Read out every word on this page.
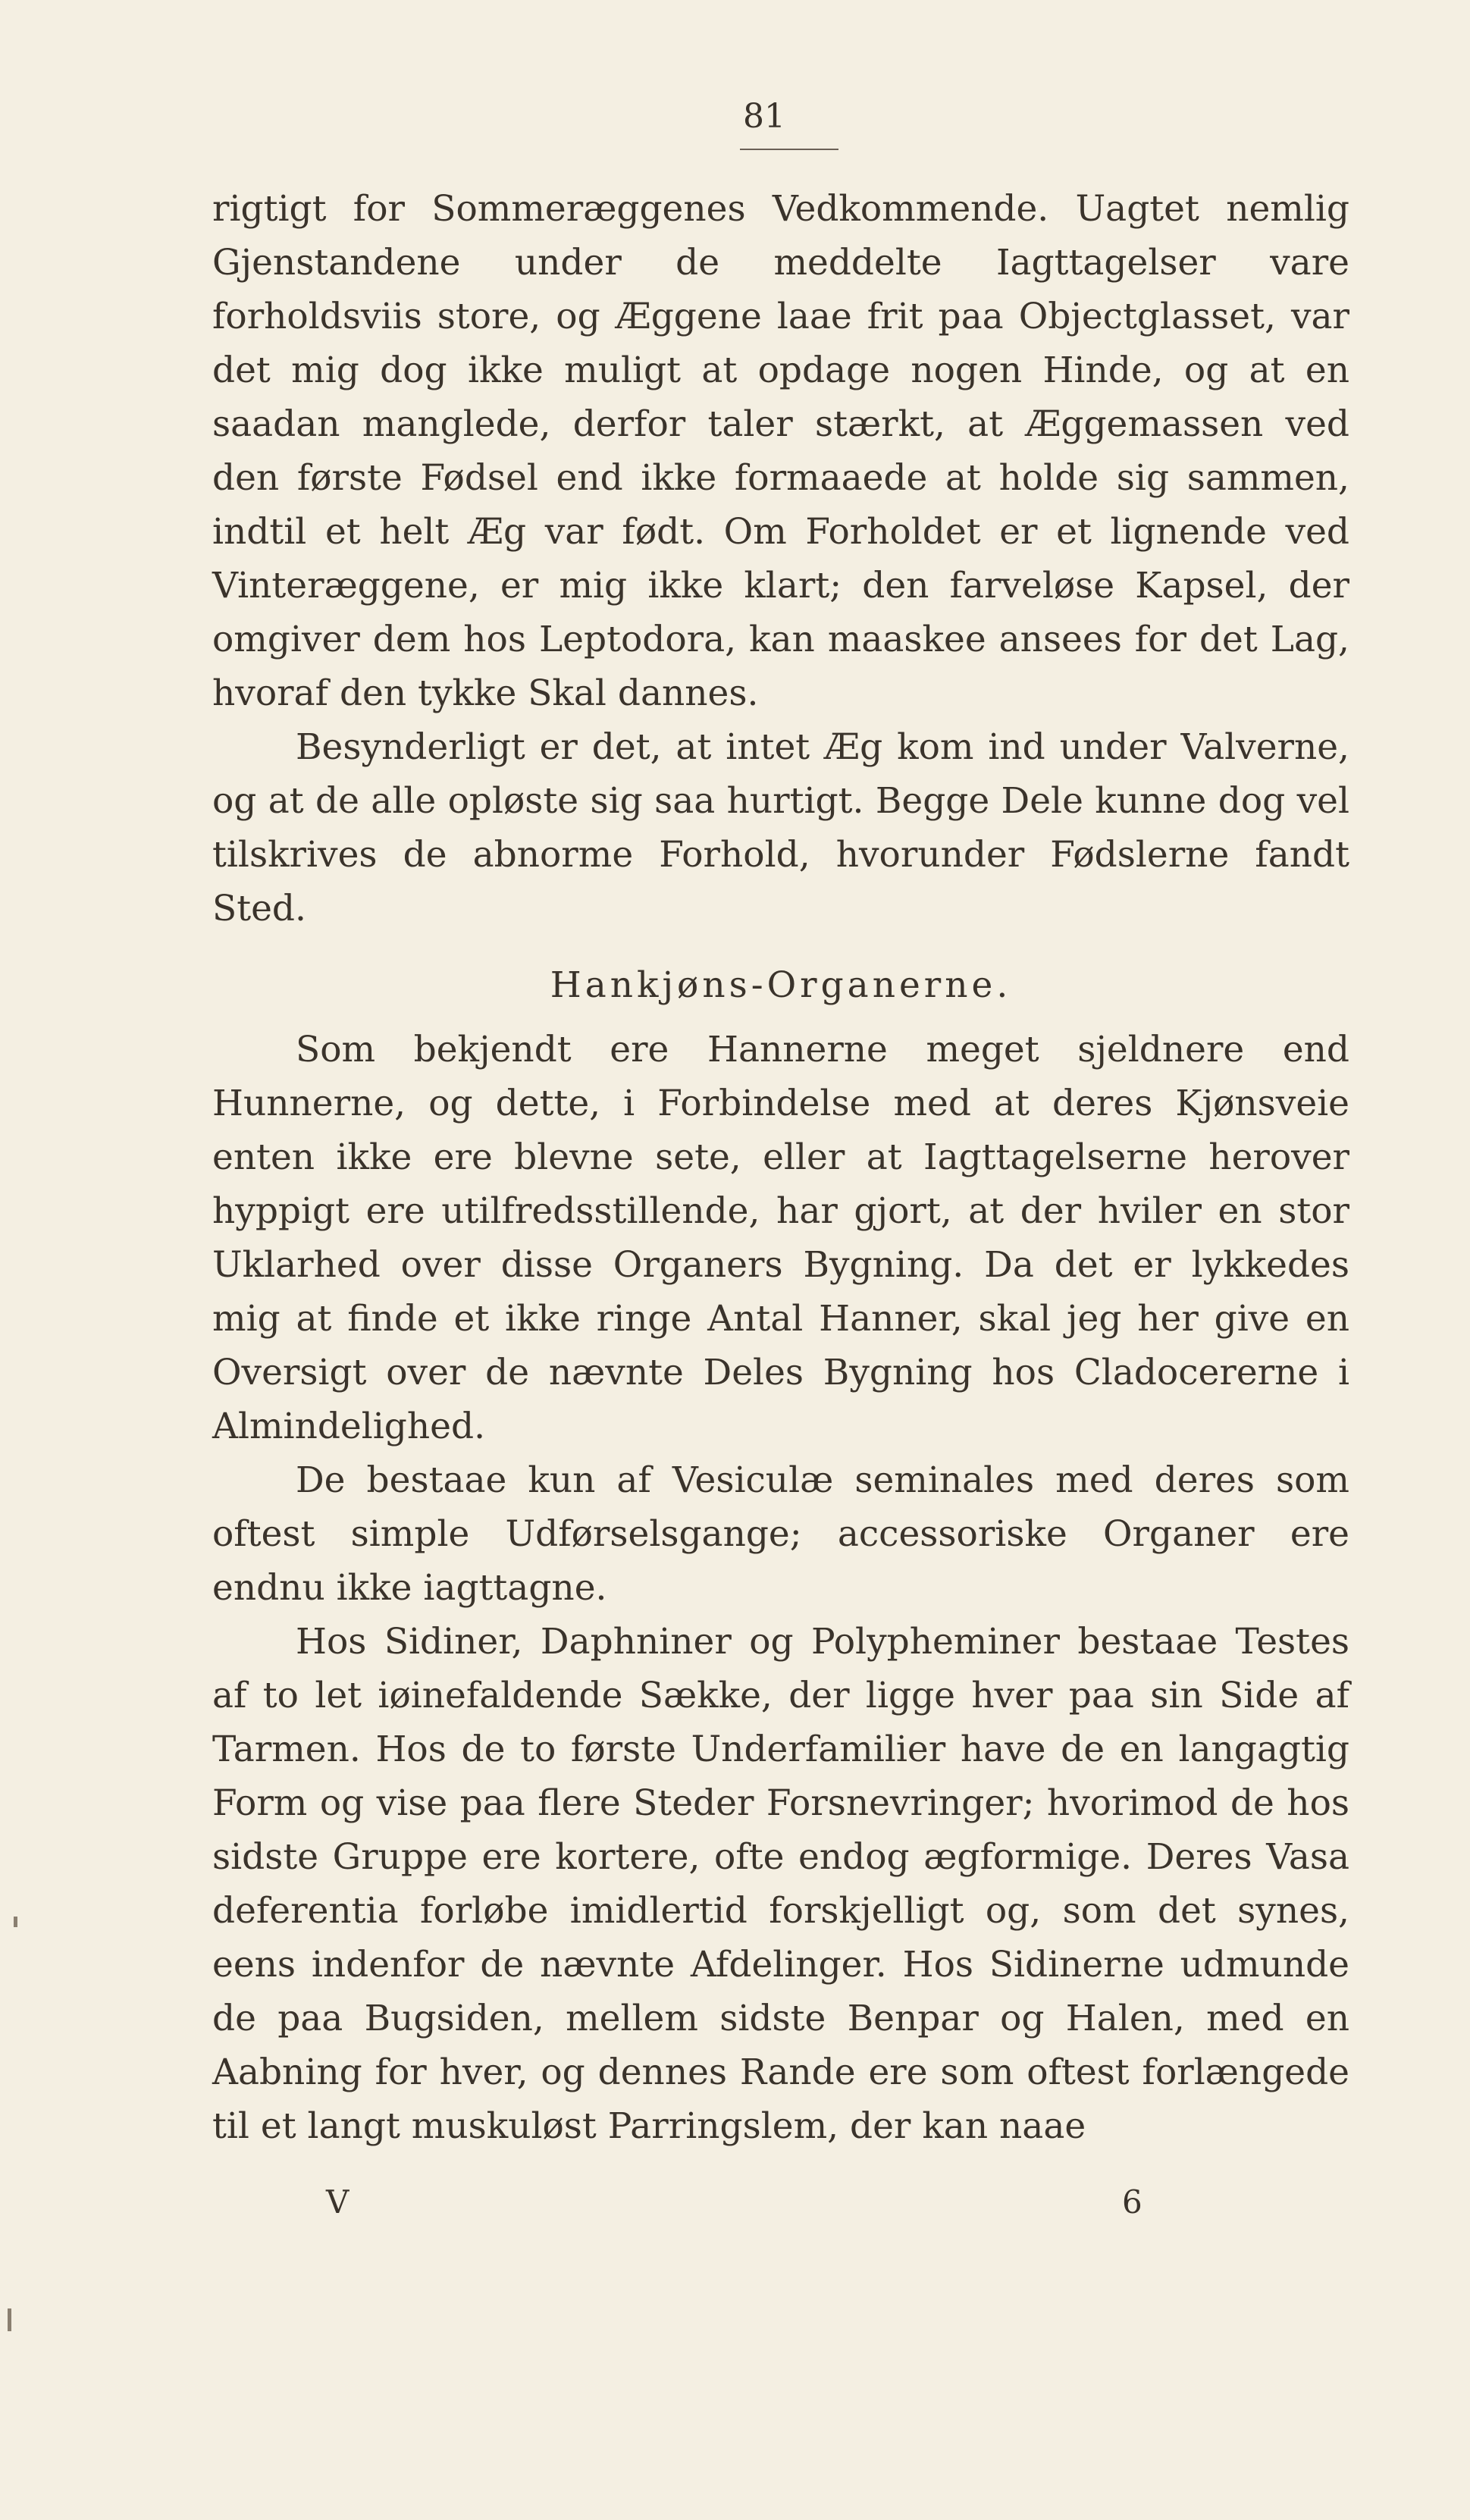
81

rigtigt for Sommeræggenes Vedkommende. Uagtet nemlig Gjenstandene under de meddelte Iagttagelser vare forholdsviis store, og Æggene laae frit paa Objectglasset, var det mig dog ikke muligt at opdage nogen Hinde, og at en saadan manglede, derfor taler stærkt, at Æggemassen ved den første Fødsel end ikke formaaede at holde sig sammen, indtil et helt Æg var født. Om Forholdet er et lignende ved Vinteræggene, er mig ikke klart; den farveløse Kapsel, der omgiver dem hos Leptodora, kan maaskee ansees for det Lag, hvoraf den tykke Skal dannes.

Besynderligt er det, at intet Æg kom ind under Valverne, og at de alle opløste sig saa hurtigt. Begge Dele kunne dog vel tilskrives de abnorme Forhold, hvorunder Fødslerne fandt Sted.

Hankjøns-Organerne.

Som bekjendt ere Hannerne meget sjeldnere end Hunnerne, og dette, i Forbindelse med at deres Kjønsveie enten ikke ere blevne sete, eller at Iagttagelserne herover hyppigt ere utilfredsstillende, har gjort, at der hviler en stor Uklarhed over disse Organers Bygning. Da det er lykkedes mig at finde et ikke ringe Antal Hanner, skal jeg her give en Oversigt over de nævnte Deles Bygning hos Cladocererne i Almindelighed.

De bestaae kun af Vesiculæ seminales med deres som oftest simple Udførselsgange; accessoriske Organer ere endnu ikke iagttagne.

Hos Sidiner, Daphniner og Polypheminer bestaae Testes af to let iøinefaldende Sække, der ligge hver paa sin Side af Tarmen. Hos de to første Underfamilier have de en langagtig Form og vise paa flere Steder Forsnevringer; hvorimod de hos sidste Gruppe ere kortere, ofte endog ægformige. Deres Vasa deferentia forløbe imidlertid forskjelligt og, som det synes, eens indenfor de nævnte Afdelinger. Hos Sidinerne udmunde de paa Bugsiden, mellem sidste Benpar og Halen, med en Aabning for hver, og dennes Rande ere som oftest forlængede til et langt muskuløst Parringslem, der kan naae

V	6
